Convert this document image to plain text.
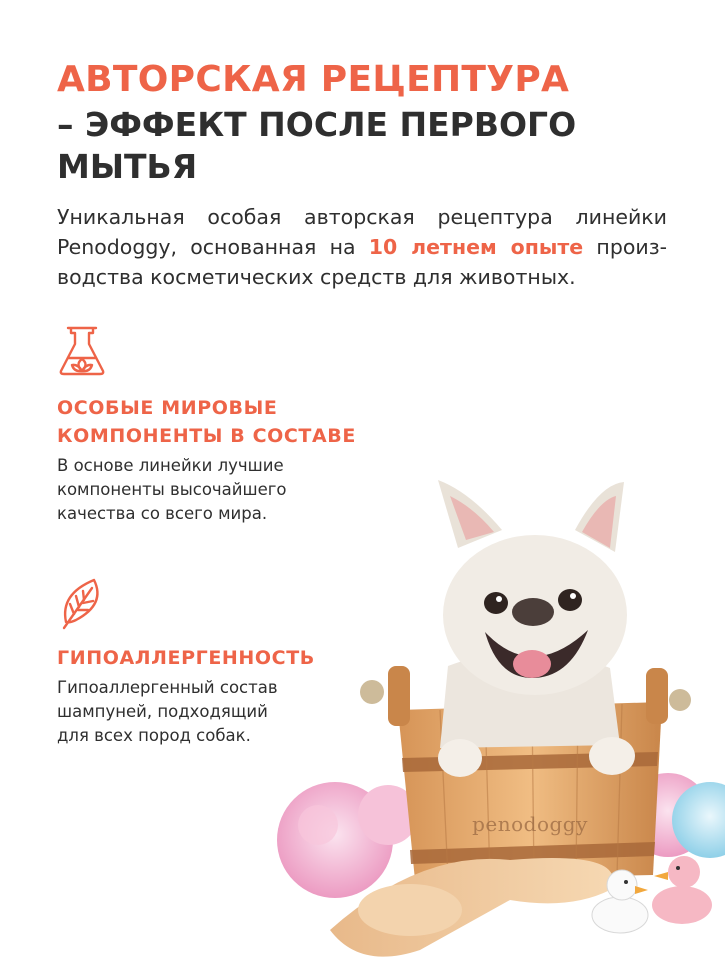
АВТОРСКАЯ РЕЦЕПТУРА
– ЭФФЕКТ ПОСЛЕ ПЕРВОГО
МЫТЬЯ

Уникальная особая авторская рецептура линейки Penodoggy, основанная на 10 летнем опыте произ-водства косметических средств для животных.

ОСОБЫЕ МИРОВЫЕ
КОМПОНЕНТЫ В СОСТАВЕ
В основе линейки лучшие
компоненты высочайшего
качества со всего мира.
ГИПОАЛЛЕРГЕННОСТЬ
Гипоаллергенный состав
шампуней, подходящий
для всех пород собак.
penodoggy
